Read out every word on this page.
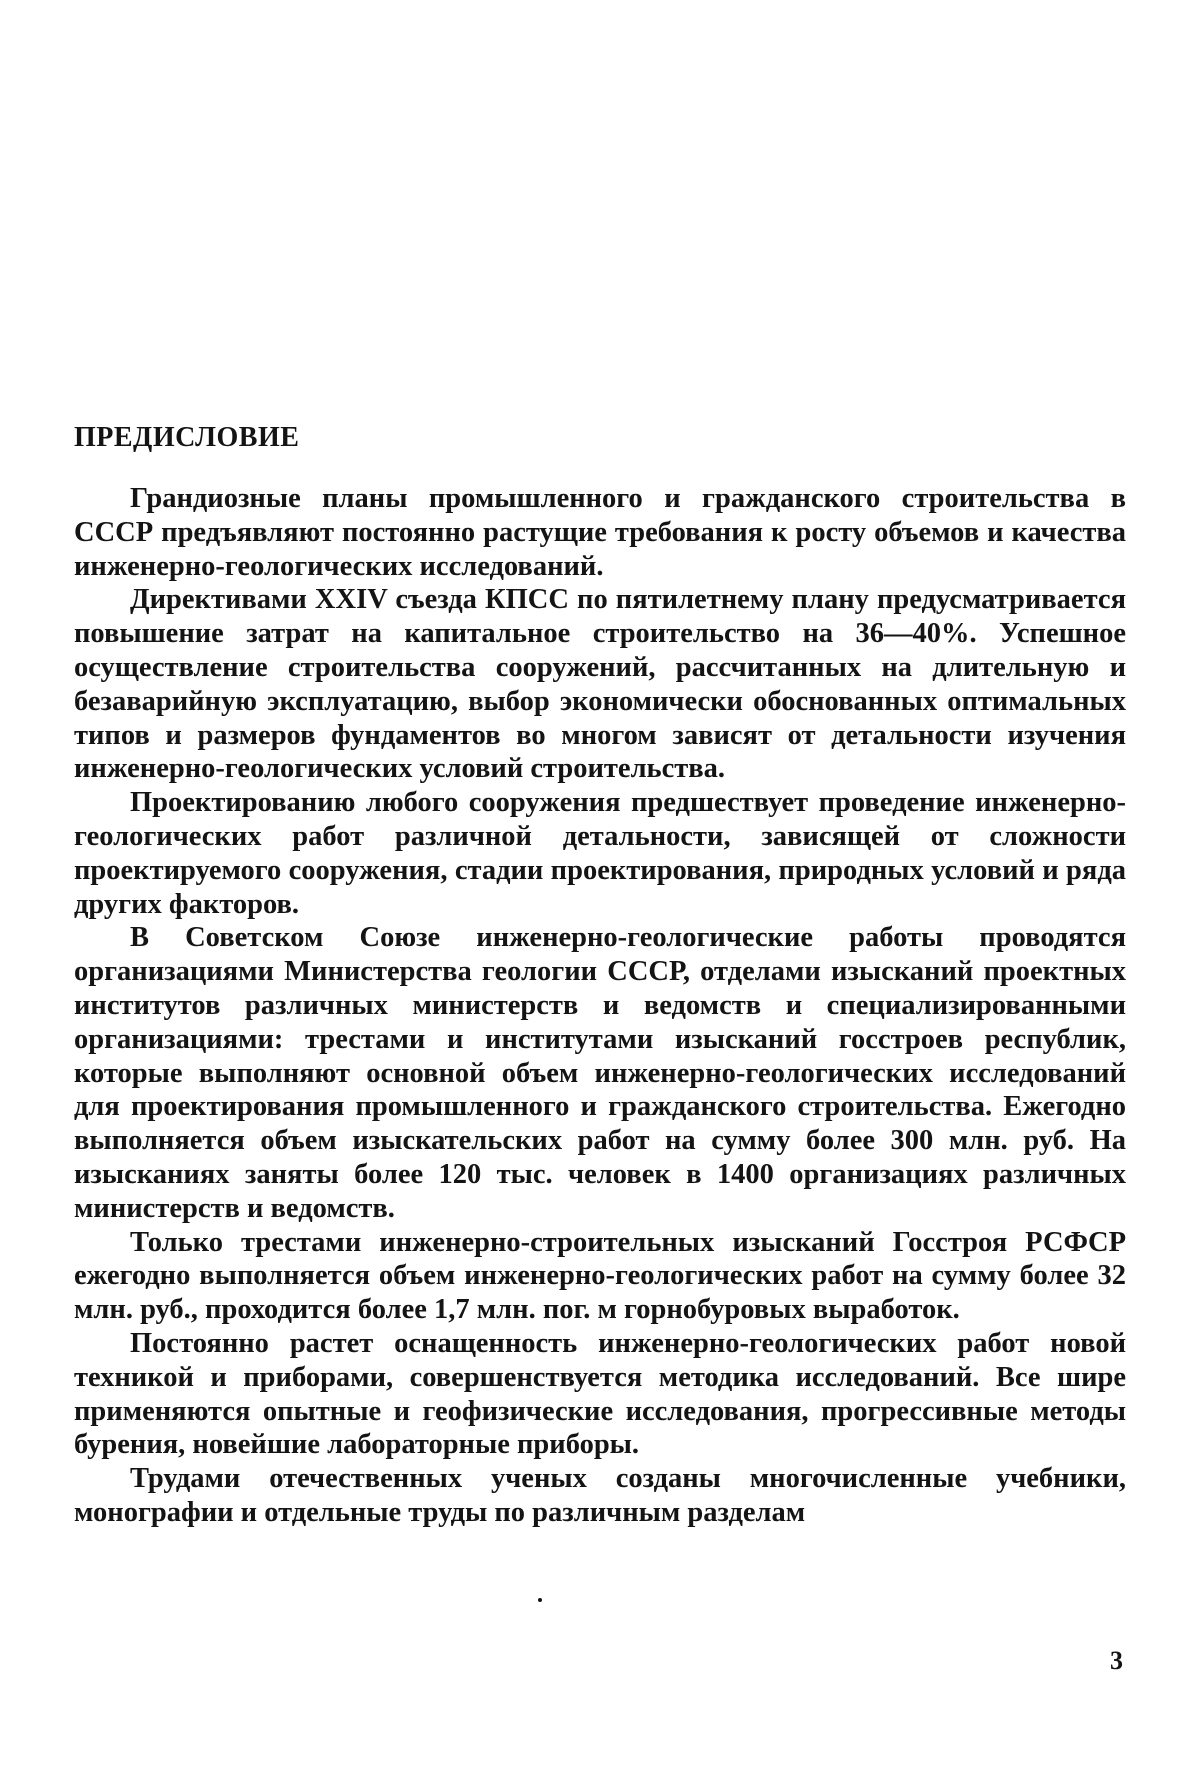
ПРЕДИСЛОВИЕ

Грандиозные планы промышленного и гражданского строительства в СССР предъявляют постоянно растущие требования к росту объемов и качества инженерно-геологических исследований.

Директивами XXIV съезда КПСС по пятилетнему плану предусматривается повышение затрат на капитальное строительство на 36—40%. Успешное осуществление строительства сооружений, рассчитанных на длительную и безаварийную эксплуатацию, выбор экономически обоснованных оптимальных типов и размеров фундаментов во многом зависят от детальности изучения инженерно-геологических условий строительства.

Проектированию любого сооружения предшествует проведение инженерно-геологических работ различной детальности, зависящей от сложности проектируемого сооружения, стадии проектирования, природных условий и ряда других факторов.

В Советском Союзе инженерно-геологические работы проводятся организациями Министерства геологии СССР, отделами изысканий проектных институтов различных министерств и ведомств и специализированными организациями: трестами и институтами изысканий госстроев республик, которые выполняют основной объем инженерно-геологических исследований для проектирования промышленного и гражданского строительства. Ежегодно выполняется объем изыскательских работ на сумму более 300 млн. руб. На изысканиях заняты более 120 тыс. человек в 1400 организациях различных министерств и ведомств.

Только трестами инженерно-строительных изысканий Госстроя РСФСР ежегодно выполняется объем инженерно-геологических работ на сумму более 32 млн. руб., проходится более 1,7 млн. пог. м горнобуровых выработок.

Постоянно растет оснащенность инженерно-геологических работ новой техникой и приборами, совершенствуется методика исследований. Все шире применяются опытные и геофизические исследования, прогрессивные методы бурения, новейшие лабораторные приборы.

Трудами отечественных ученых созданы многочисленные учебники, монографии и отдельные труды по различным разделам

3
